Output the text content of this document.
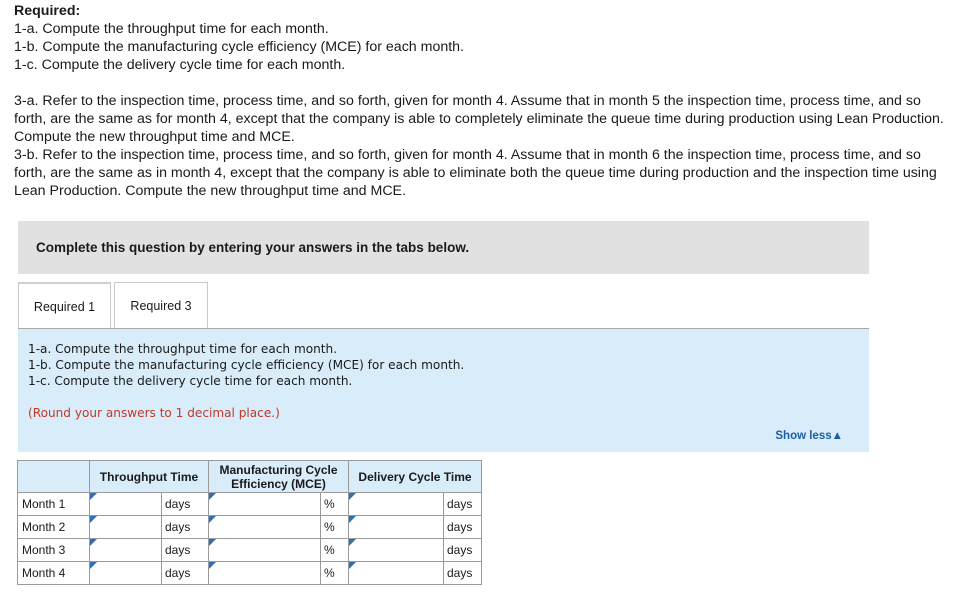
Required:
1-a. Compute the throughput time for each month.
1-b. Compute the manufacturing cycle efficiency (MCE) for each month.
1-c. Compute the delivery cycle time for each month.
3-a. Refer to the inspection time, process time, and so forth, given for month 4. Assume that in month 5 the inspection time, process time, and so forth, are the same as for month 4, except that the company is able to completely eliminate the queue time during production using Lean Production. Compute the new throughput time and MCE.
3-b. Refer to the inspection time, process time, and so forth, given for month 4. Assume that in month 6 the inspection time, process time, and so forth, are the same as in month 4, except that the company is able to eliminate both the queue time during production and the inspection time using Lean Production. Compute the new throughput time and MCE.
Complete this question by entering your answers in the tabs below.
Required 1	Required 3
1-a. Compute the throughput time for each month.
1-b. Compute the manufacturing cycle efficiency (MCE) for each month.
1-c. Compute the delivery cycle time for each month.
(Round your answers to 1 decimal place.)
Show less▲
	Throughput Time		Manufacturing Cycle Efficiency (MCE)		Delivery Cycle Time	
Month 1		days		%		days
Month 2		days		%		days
Month 3		days		%		days
Month 4		days		%		days
